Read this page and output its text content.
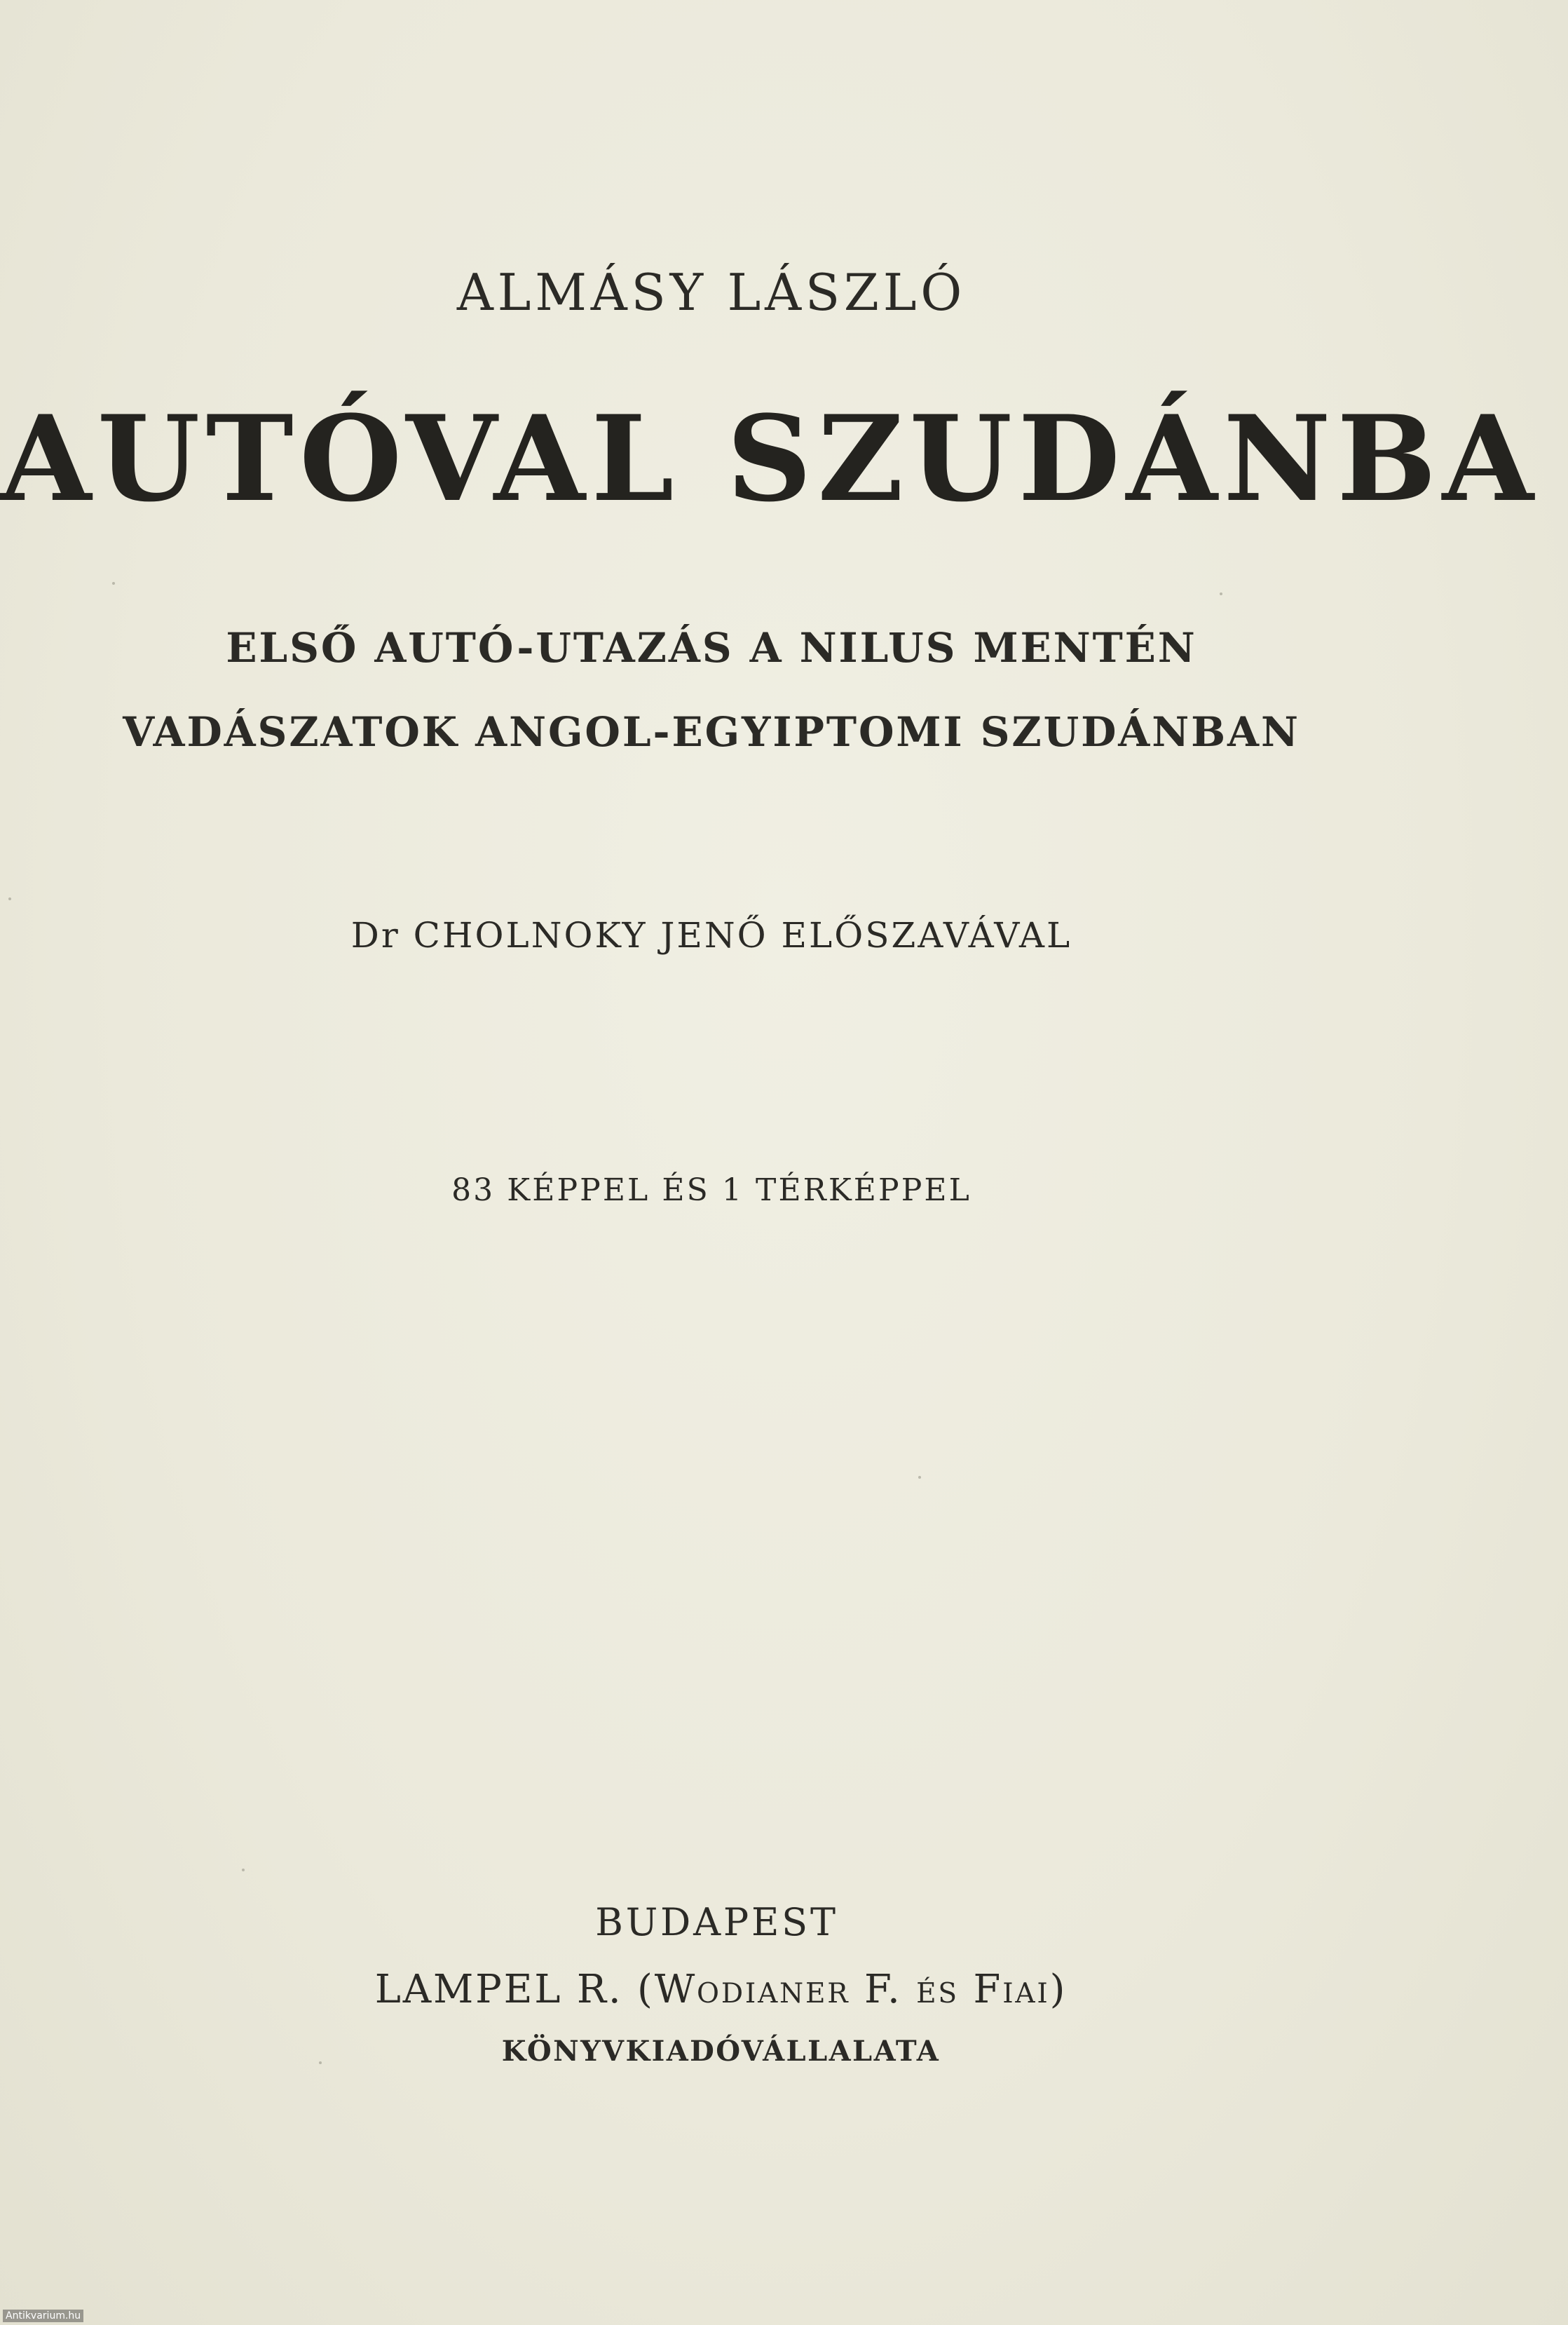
ALMÁSY LÁSZLÓ
AUTÓVAL SZUDÁNBA
ELSŐ AUTÓ-UTAZÁS A NILUS MENTÉN
VADÁSZATOK ANGOL-EGYIPTOMI SZUDÁNBAN
Dr CHOLNOKY JENŐ ELŐSZAVÁVAL
83 KÉPPEL ÉS 1 TÉRKÉPPEL
BUDAPEST
LAMPEL R. (Wodianer F. és Fiai)
KÖNYVKIADÓVÁLLALATA
Antikvarium.hu
